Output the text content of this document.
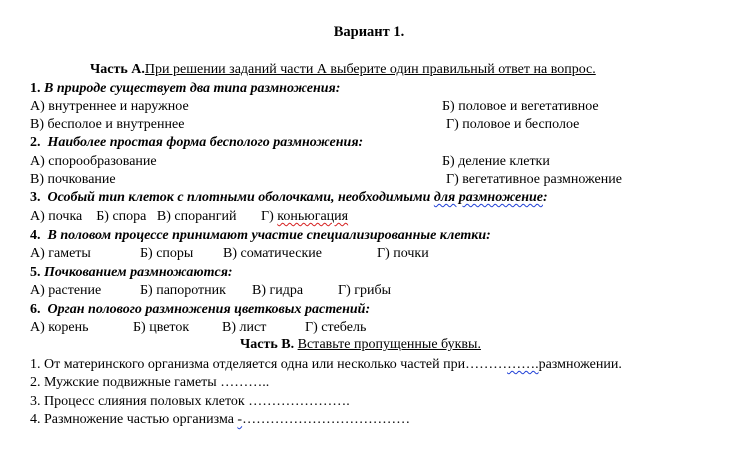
Вариант 1.
Часть А.При решении заданий части А выберите один правильный ответ на вопрос.
1. В природе существует два типа размножения:
А) внутреннее и наружное	Б) половое и вегетативное
В) бесполое и внутреннее	Г) половое и бесполое
2. Наиболее простая форма бесполого размножения:
А) спорообразование	Б) деление клетки
В) почкование	Г) вегетативное размножение
3. Особый тип клеток с плотными оболочками, необходимыми для размножение:
А) почка Б) спора В) спорангий Г) коньюгация
4. В половом процессе принимают участие специализированные клетки:
А) гаметы	Б) споры В) соматические	Г) почки
5. Почкованием размножаются:
А) растение	Б) папоротник В) гидра Г) грибы
6. Орган полового размножения цветковых растений:
А) корень	Б) цветок В) лист	Г) стебель
Часть В. Вставьте пропущенные буквы.
1. От материнского организма отделяется одна или несколько частей при…………….размножении.
2. Мужские подвижные гаметы ………..
3. Процесс слияния половых клеток ………………….
4. Размножение частью организма -………………………………
